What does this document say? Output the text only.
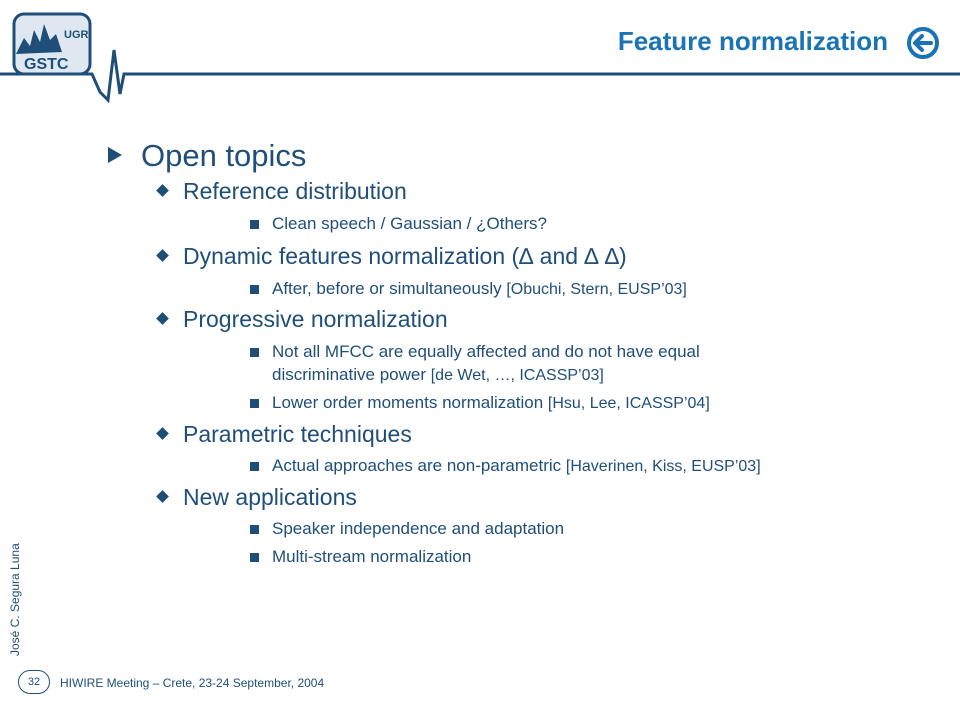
UGR
GSTC
Feature normalization
Open topics
Reference distribution
Clean speech / Gaussian / ¿Others?
Dynamic features normalization (∆ and ∆ ∆)
After, before or simultaneously [Obuchi, Stern, EUSP’03]
Progressive normalization
Not all MFCC are equally affected and do not have equal
discriminative power [de Wet, …, ICASSP’03]
Lower order moments normalization [Hsu, Lee, ICASSP’04]
Parametric techniques
Actual approaches are non-parametric [Haverinen, Kiss, EUSP’03]
New applications
Speaker independence and adaptation
Multi-stream normalization
José C. Segura Luna
32	HIWIRE Meeting – Crete, 23-24 September, 2004
